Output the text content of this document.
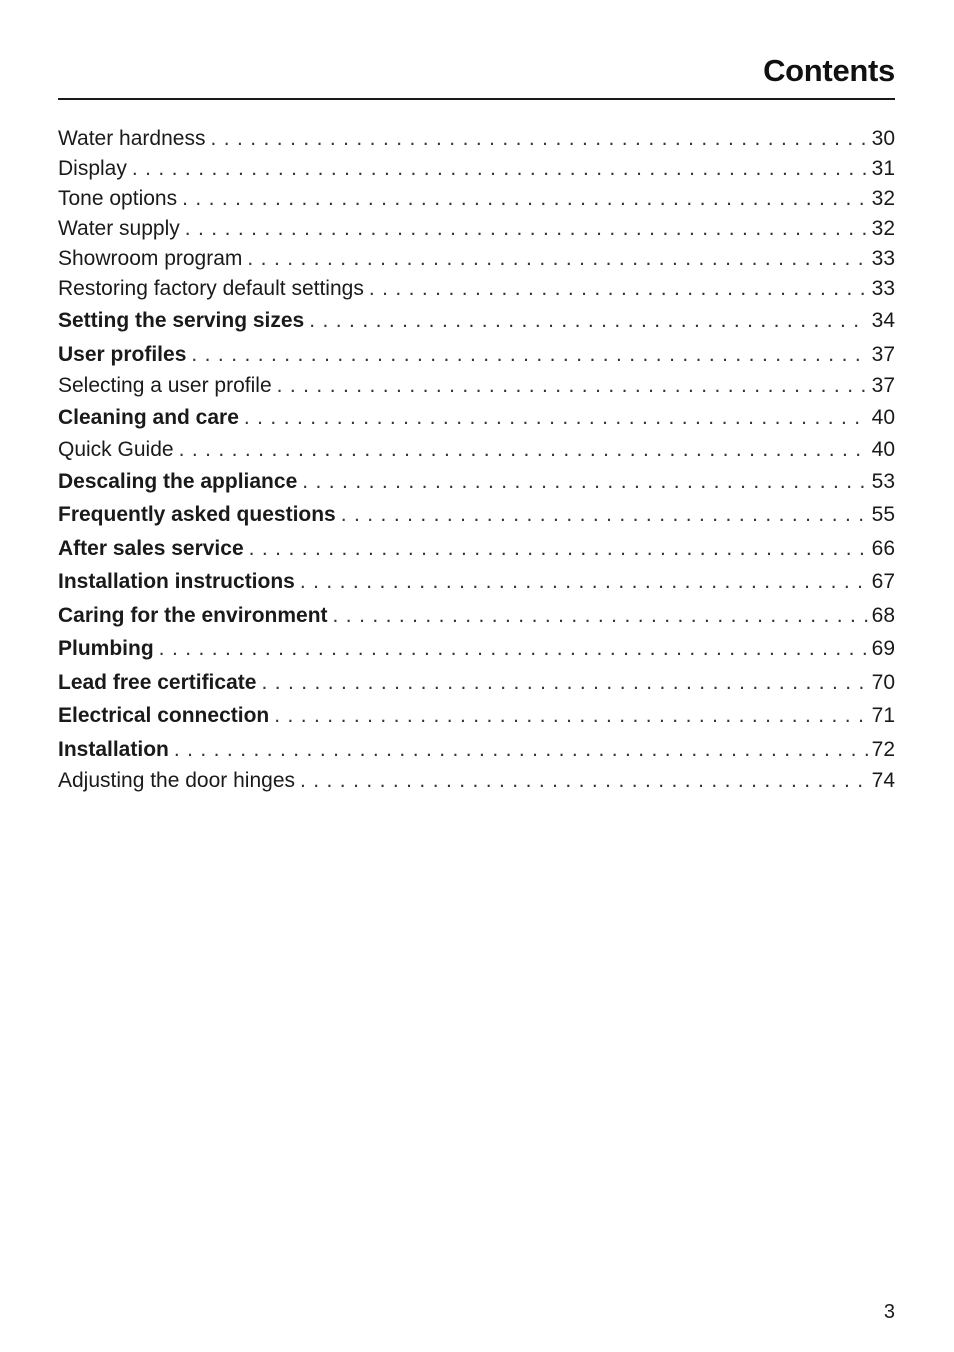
Contents
Water hardness . . .	30
Display . . .	31
Tone options . . .	32
Water supply . . .	32
Showroom program . . .	33
Restoring factory default settings . . .	33
Setting the serving sizes . . .	34
User profiles . . .	37
Selecting a user profile . . .	37
Cleaning and care . . .	40
Quick Guide . . .	40
Descaling the appliance . . .	53
Frequently asked questions . . .	55
After sales service . . .	66
Installation instructions . . .	67
Caring for the environment . . .	68
Plumbing . . .	69
Lead free certificate . . .	70
Electrical connection . . .	71
Installation . . .	72
Adjusting the door hinges . . .	74
3
